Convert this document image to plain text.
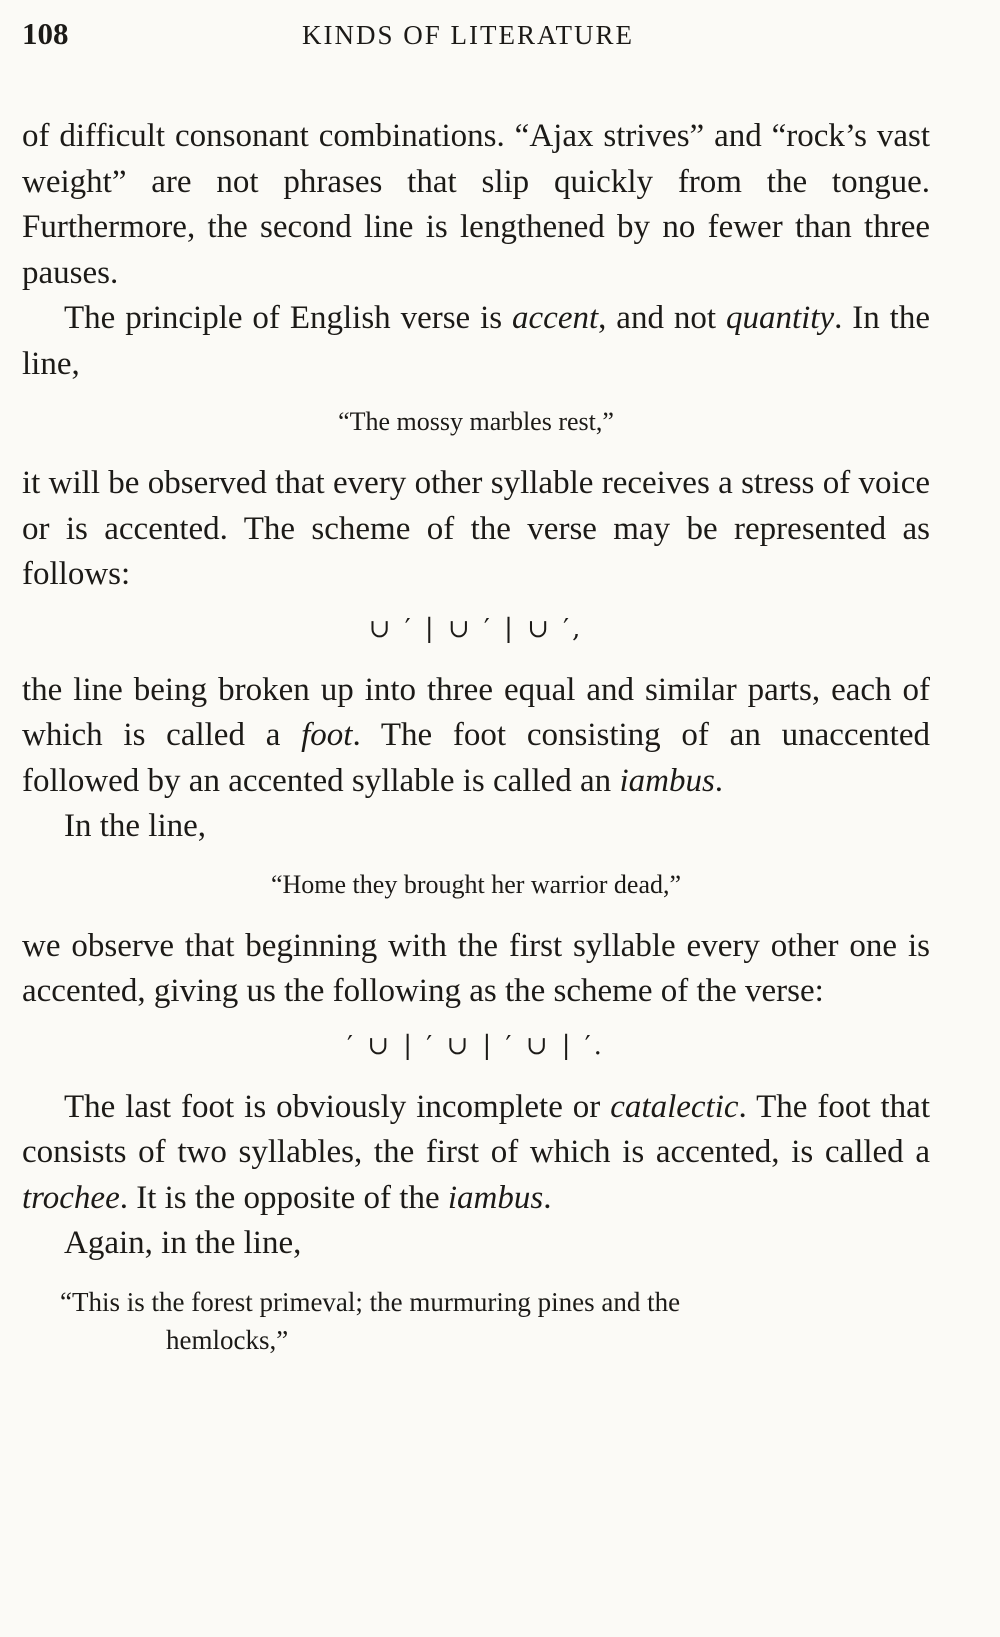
108	KINDS OF LITERATURE

of difficult consonant combinations. “Ajax strives” and “rock’s vast weight” are not phrases that slip quickly from the tongue. Furthermore, the second line is lengthened by no fewer than three pauses.

The principle of English verse is accent, and not quantity. In the line,

“The mossy marbles rest,”

it will be observed that every other syllable receives a stress of voice or is accented. The scheme of the verse may be represented as follows:

∪ ′ | ∪ ′ | ∪ ′,

the line being broken up into three equal and similar parts, each of which is called a foot. The foot consisting of an unaccented followed by an accented syllable is called an iambus.

In the line,

“Home they brought her warrior dead,”

we observe that beginning with the first syllable every other one is accented, giving us the following as the scheme of the verse:

′ ∪ | ′ ∪ | ′ ∪ | ′.

The last foot is obviously incomplete or catalectic. The foot that consists of two syllables, the first of which is accented, is called a trochee. It is the opposite of the iambus.

Again, in the line,

“This is the forest primeval; the murmuring pines and the
hemlocks,”
